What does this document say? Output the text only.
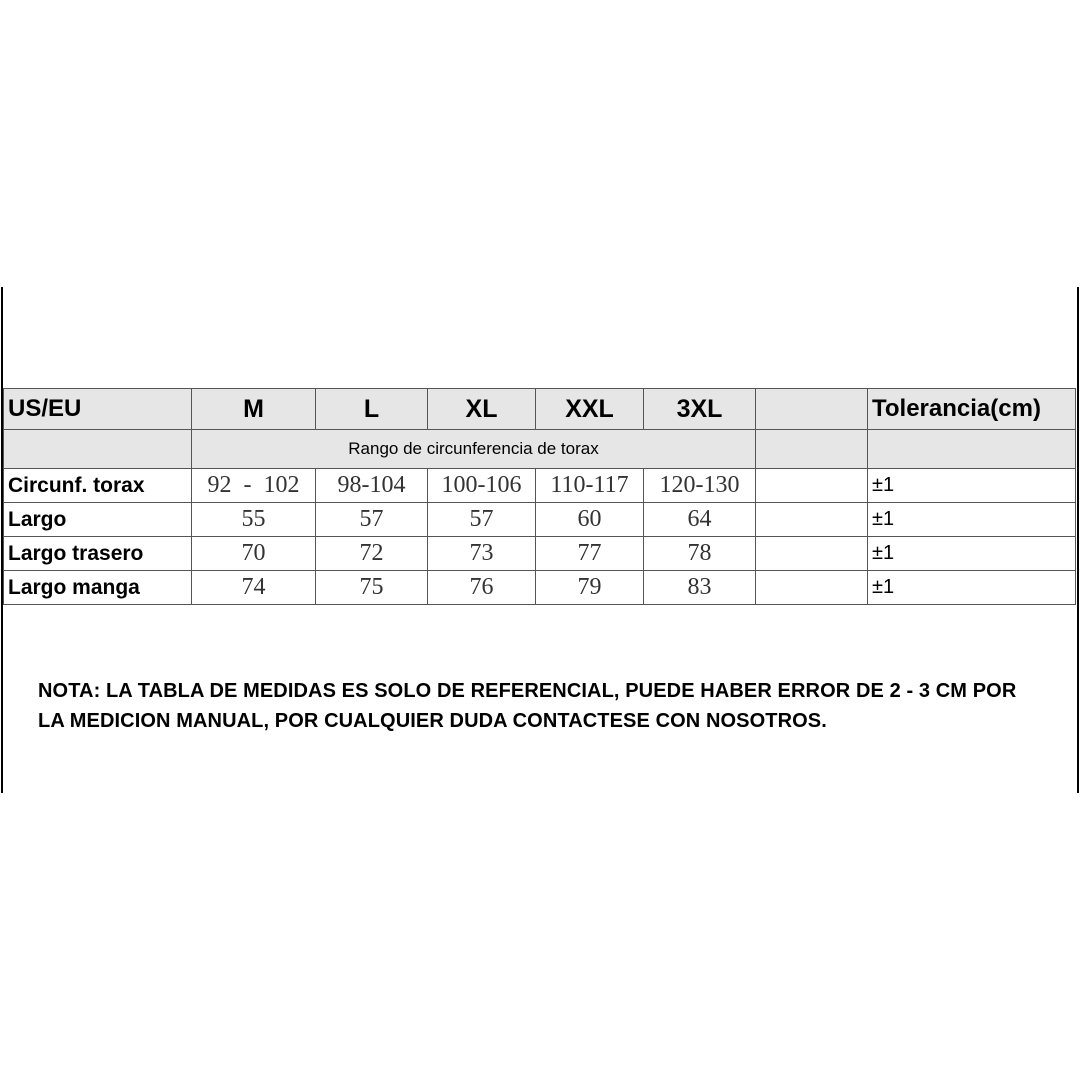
US/EU	M	L	XL	XXL	3XL		Tolerancia(cm)
	Rango de circunferencia de torax						
Circunf. torax	92  -  102	98-104	100-106	110-117	120-130		±1
Largo	55	57	57	60	64		±1
Largo trasero	70	72	73	77	78		±1
Largo manga	74	75	76	79	83		±1
NOTA: LA TABLA DE MEDIDAS ES SOLO DE REFERENCIAL, PUEDE HABER ERROR DE 2 - 3 CM POR LA MEDICION MANUAL, POR CUALQUIER DUDA CONTACTESE CON NOSOTROS.
